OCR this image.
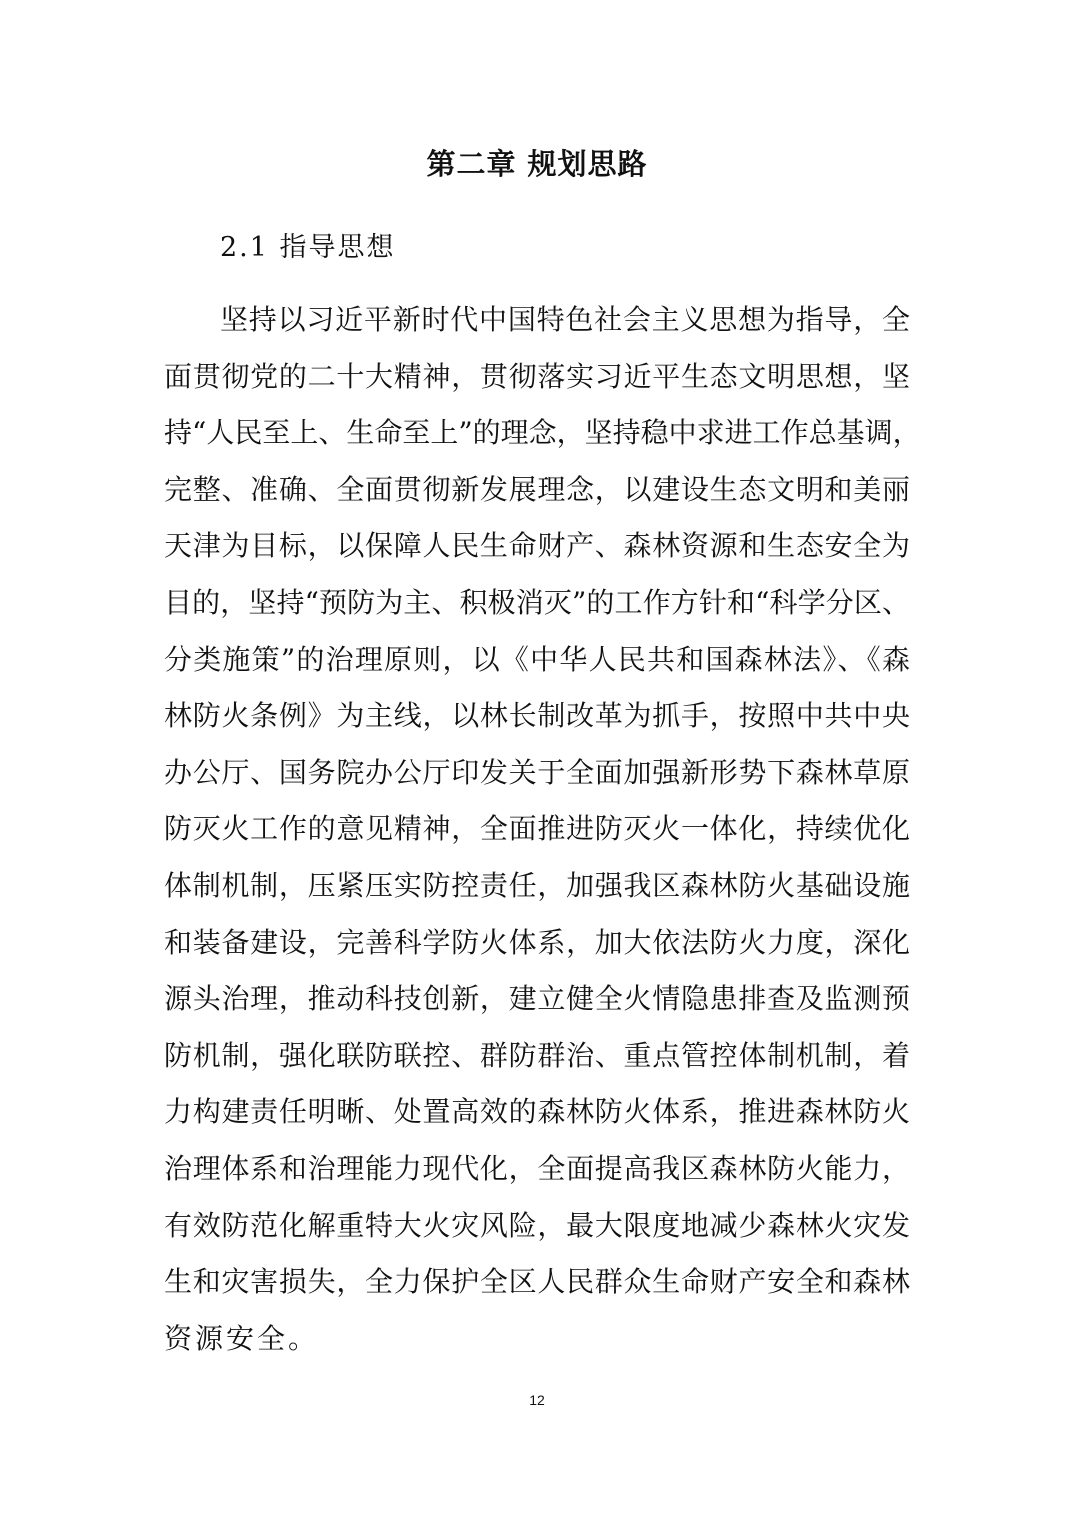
第二章 规划思路
2.1 指导思想
坚持以习近平新时代中国特色社会主义思想为指导，全
面贯彻党的二十大精神，贯彻落实习近平生态文明思想，坚
持“人民至上、生命至上”的理念，坚持稳中求进工作总基调，
完整、准确、全面贯彻新发展理念，以建设生态文明和美丽
天津为目标，以保障人民生命财产、森林资源和生态安全为
目的，坚持“预防为主、积极消灭”的工作方针和“科学分区、
分类施策”的治理原则，以《中华人民共和国森林法》、《森
林防火条例》为主线，以林长制改革为抓手，按照中共中央
办公厅、国务院办公厅印发关于全面加强新形势下森林草原
防灭火工作的意见精神，全面推进防灭火一体化，持续优化
体制机制，压紧压实防控责任，加强我区森林防火基础设施
和装备建设，完善科学防火体系，加大依法防火力度，深化
源头治理，推动科技创新，建立健全火情隐患排查及监测预
防机制，强化联防联控、群防群治、重点管控体制机制，着
力构建责任明晰、处置高效的森林防火体系，推进森林防火
治理体系和治理能力现代化，全面提高我区森林防火能力，
有效防范化解重特大火灾风险，最大限度地减少森林火灾发
生和灾害损失，全力保护全区人民群众生命财产安全和森林
资源安全。
12
